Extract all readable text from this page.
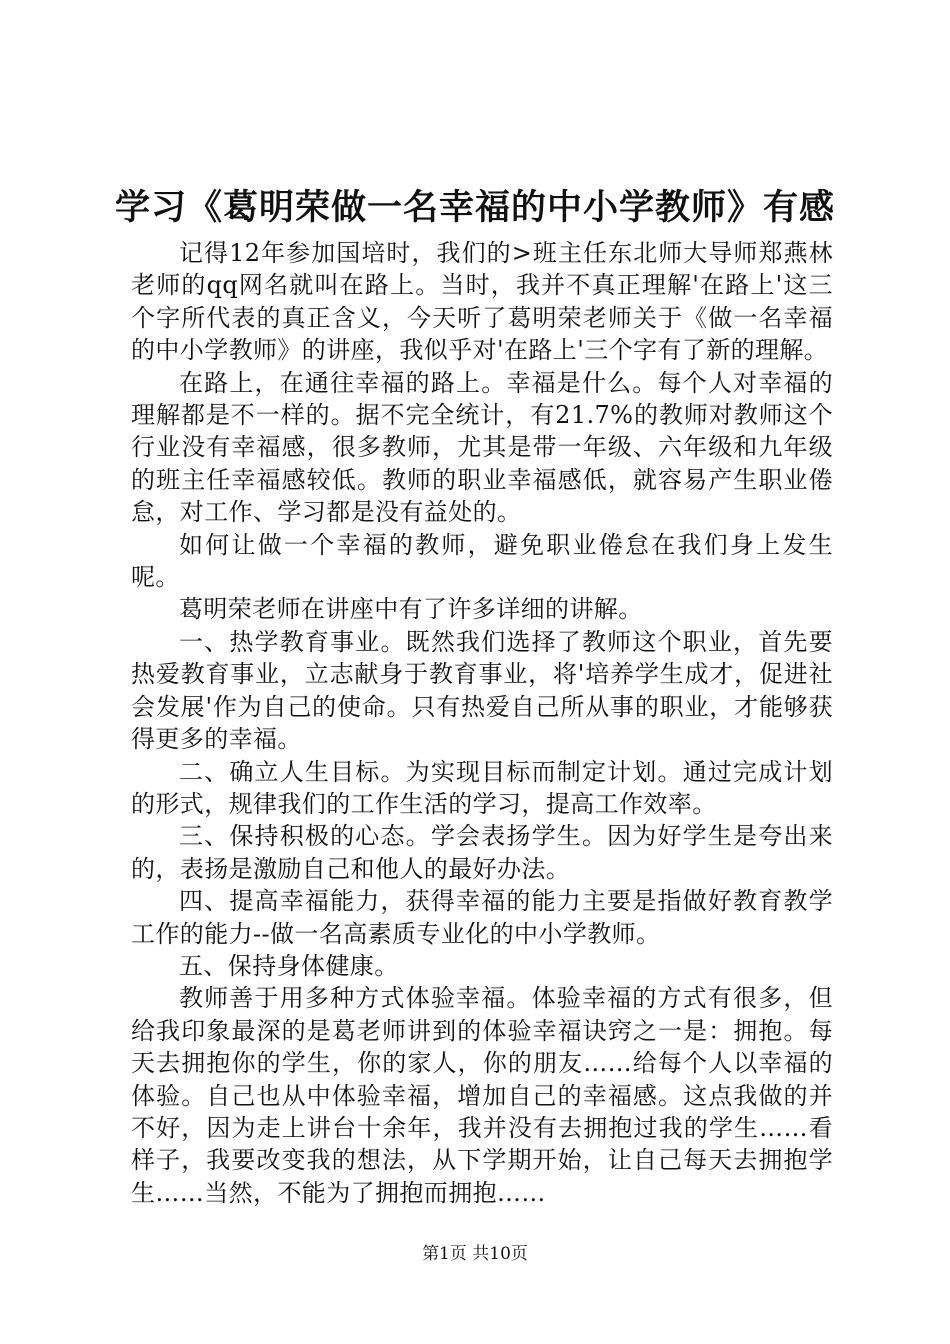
学习《葛明荣做一名幸福的中小学教师》有感

记得12年参加国培时，我们的>班主任东北师大导师郑燕林老师的qq网名就叫在路上。当时，我并不真正理解'在路上'这三个字所代表的真正含义，今天听了葛明荣老师关于《做一名幸福的中小学教师》的讲座，我似乎对'在路上'三个字有了新的理解。

在路上，在通往幸福的路上。幸福是什么。每个人对幸福的理解都是不一样的。据不完全统计，有21.7%的教师对教师这个行业没有幸福感，很多教师，尤其是带一年级、六年级和九年级的班主任幸福感较低。教师的职业幸福感低，就容易产生职业倦怠，对工作、学习都是没有益处的。

如何让做一个幸福的教师，避免职业倦怠在我们身上发生呢。

葛明荣老师在讲座中有了许多详细的讲解。

一、热学教育事业。既然我们选择了教师这个职业，首先要热爱教育事业，立志献身于教育事业，将'培养学生成才，促进社会发展'作为自己的使命。只有热爱自己所从事的职业，才能够获得更多的幸福。

二、确立人生目标。为实现目标而制定计划。通过完成计划的形式，规律我们的工作生活的学习，提高工作效率。

三、保持积极的心态。学会表扬学生。因为好学生是夸出来的，表扬是激励自己和他人的最好办法。

四、提高幸福能力，获得幸福的能力主要是指做好教育教学工作的能力--做一名高素质专业化的中小学教师。

五、保持身体健康。

教师善于用多种方式体验幸福。体验幸福的方式有很多，但给我印象最深的是葛老师讲到的体验幸福诀窍之一是：拥抱。每天去拥抱你的学生，你的家人，你的朋友……给每个人以幸福的体验。自己也从中体验幸福，增加自己的幸福感。这点我做的并不好，因为走上讲台十余年，我并没有去拥抱过我的学生……看样子，我要改变我的想法，从下学期开始，让自己每天去拥抱学生……当然，不能为了拥抱而拥抱……

第1页 共10页
